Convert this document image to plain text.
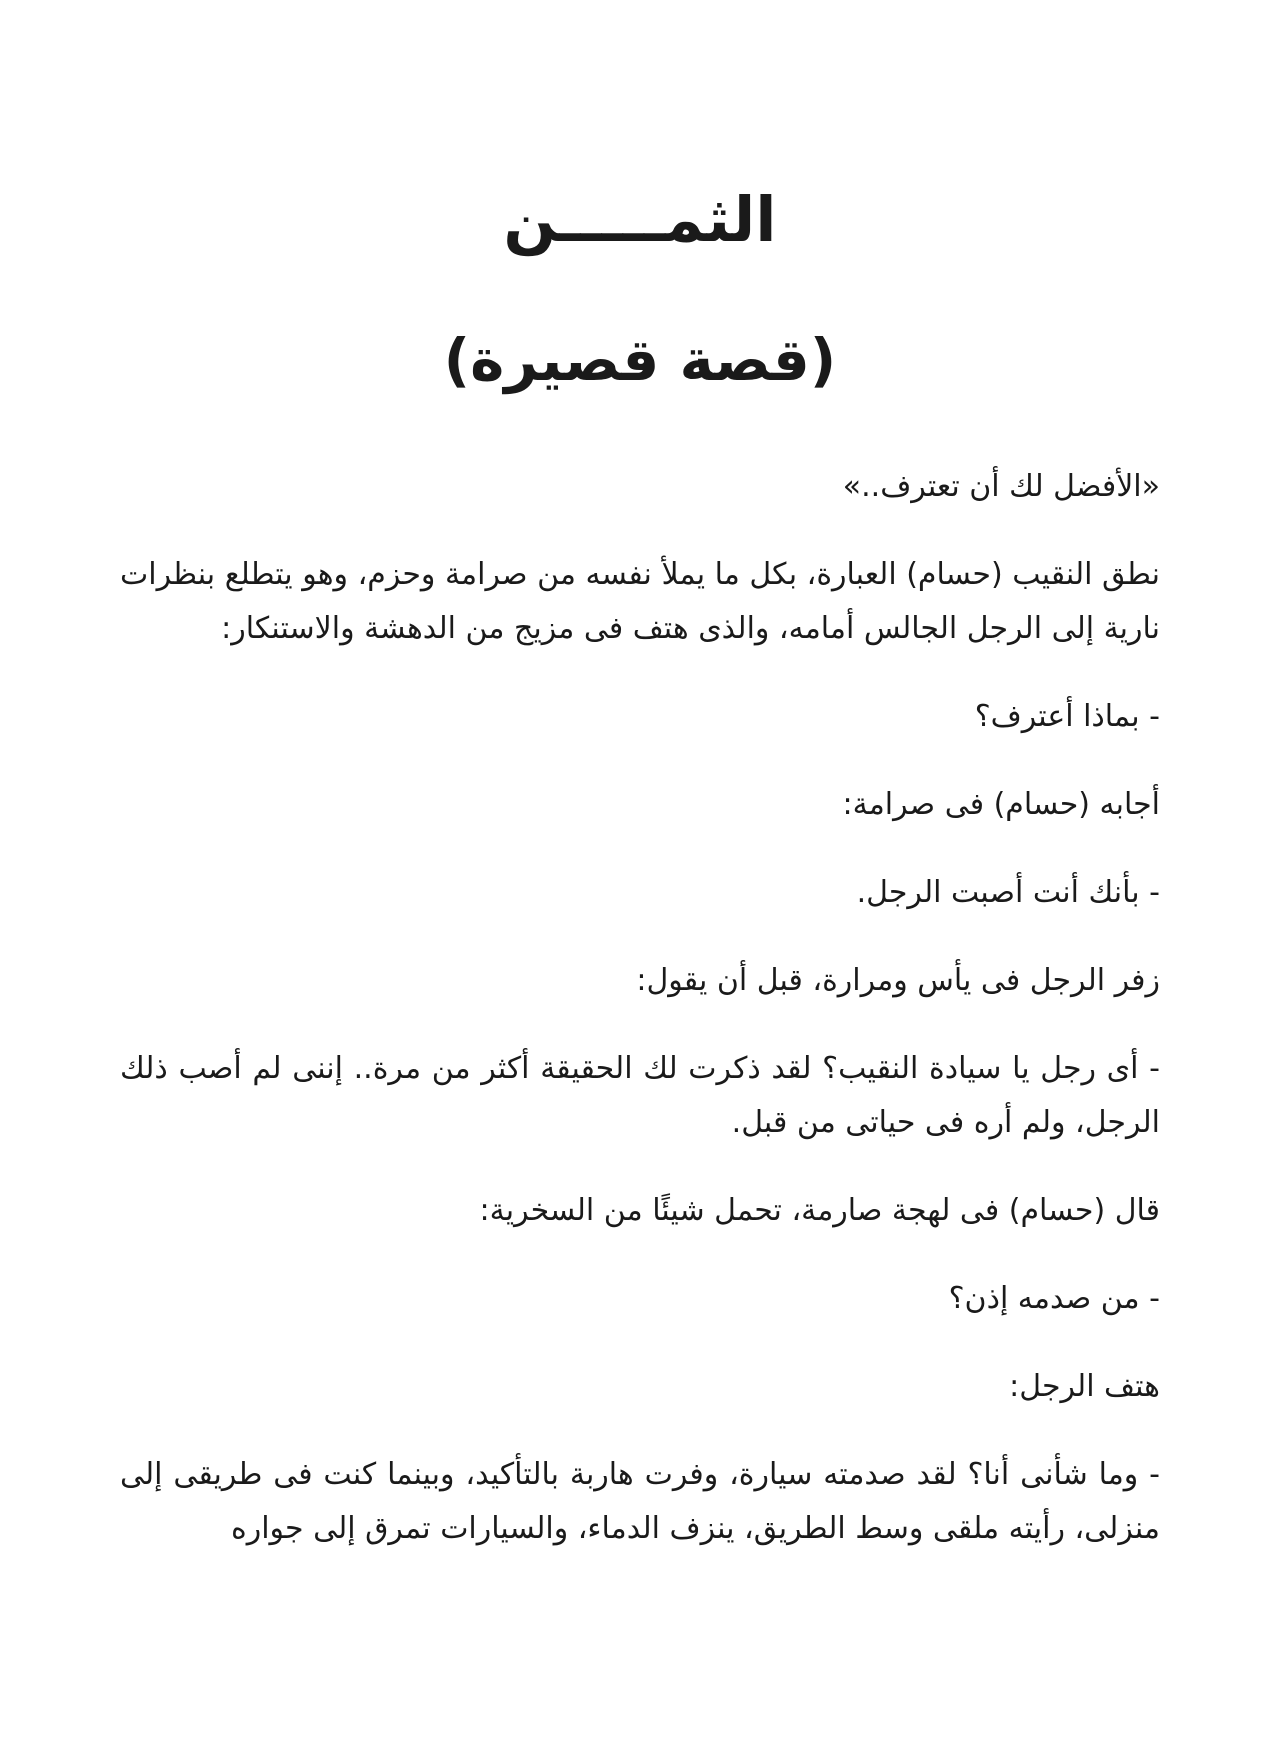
الثمـــــن
(قصة قصيرة)

«الأفضل لك أن تعترف..»

نطق النقيب (حسام) العبارة، بكل ما يملأ نفسه من صرامة وحزم، وهو يتطلع بنظرات نارية إلى الرجل الجالس أمامه، والذى هتف فى مزيج من الدهشة والاستنكار:

- بماذا أعترف؟

أجابه (حسام) فى صرامة:

- بأنك أنت أصبت الرجل.

زفر الرجل فى يأس ومرارة، قبل أن يقول:

- أى رجل يا سيادة النقيب؟ لقد ذكرت لك الحقيقة أكثر من مرة.. إننى لم أصب ذلك الرجل، ولم أره فى حياتى من قبل.

قال (حسام) فى لهجة صارمة، تحمل شيئًا من السخرية:

- من صدمه إذن؟

هتف الرجل:

- وما شأنى أنا؟ لقد صدمته سيارة، وفرت هاربة بالتأكيد، وبينما كنت فى طريقى إلى منزلى، رأيته ملقى وسط الطريق، ينزف الدماء، والسيارات تمرق إلى جواره
